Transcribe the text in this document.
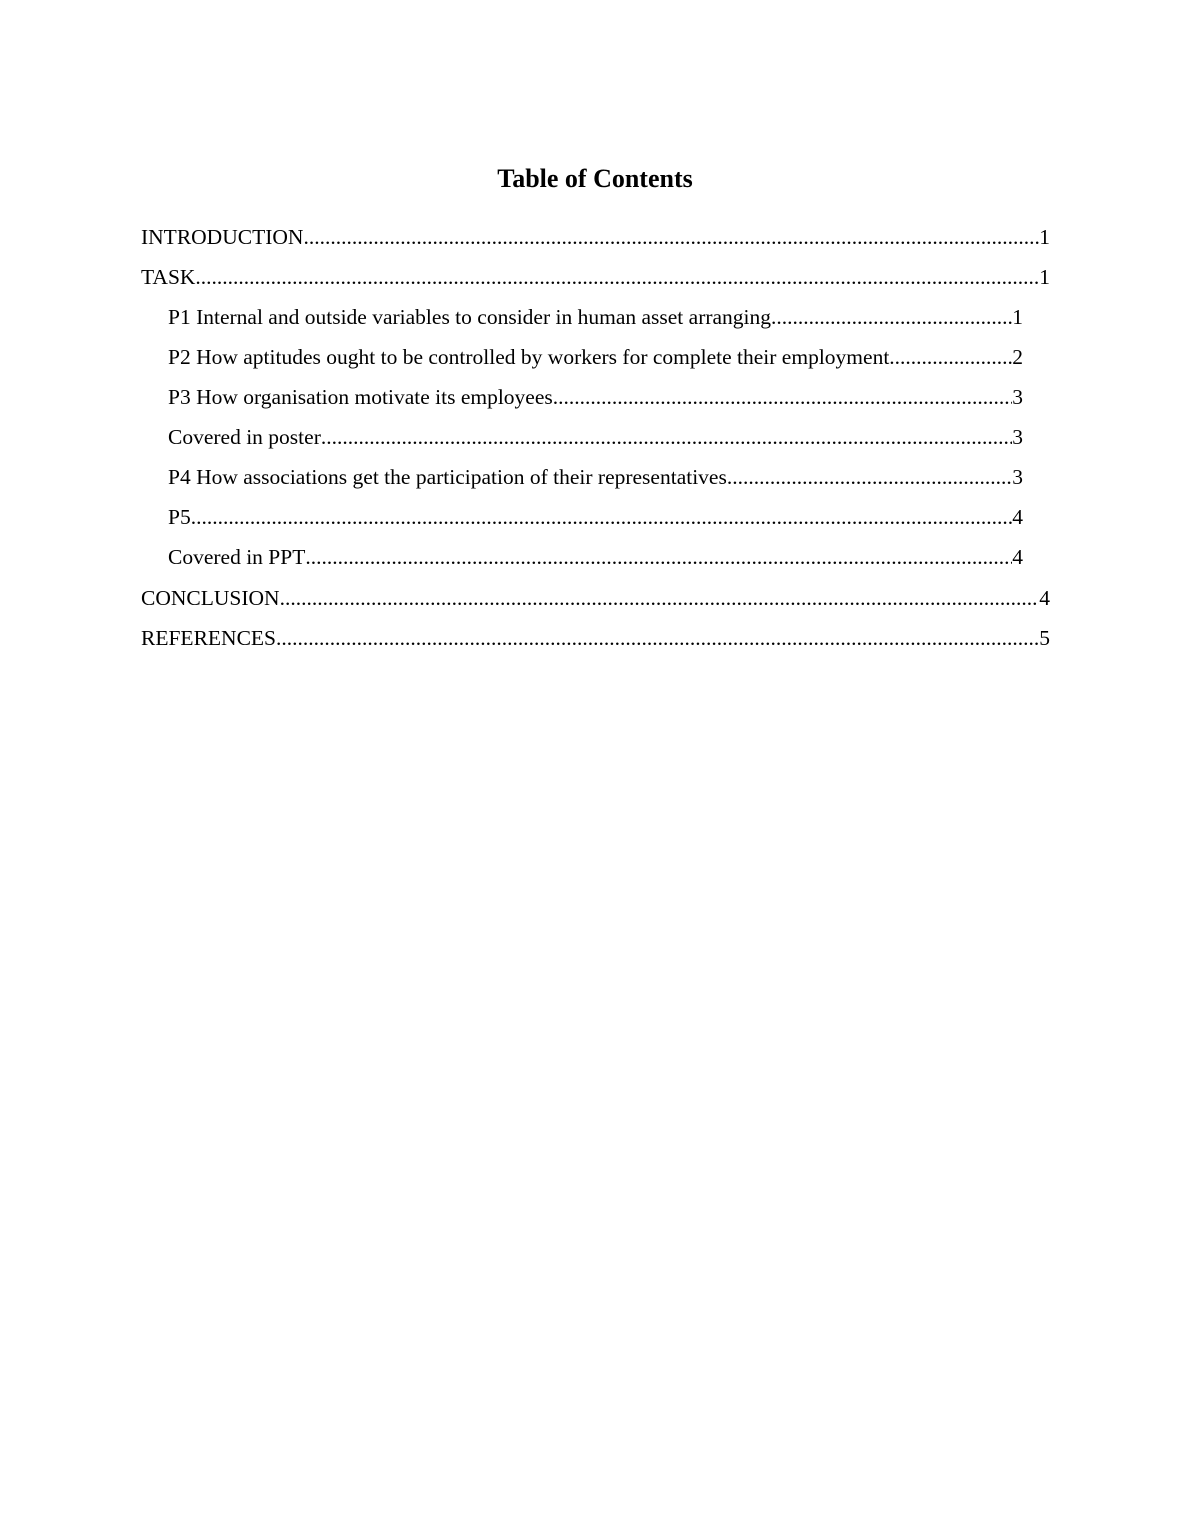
Table of Contents
INTRODUCTION .....	1
TASK .....	1
P1 Internal and outside variables to consider in human asset arranging .....	1
P2 How aptitudes ought to be controlled by workers for complete their employment .....	2
P3 How organisation motivate its employees .....	3
Covered in poster .....	3
P4 How associations get the participation of their representatives .....	3
P5 .....	4
Covered in PPT .....	4
CONCLUSION .....	4
REFERENCES .....	5
